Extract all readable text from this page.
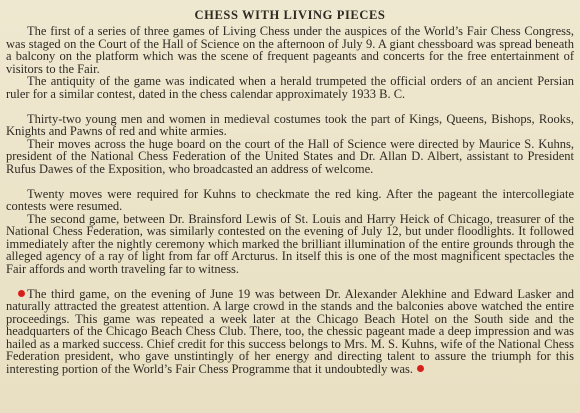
CHESS WITH LIVING PIECES

The first of a series of three games of Living Chess under the auspices of the World’s Fair Chess Congress, was staged on the Court of the Hall of Science on the afternoon of July 9. A giant chessboard was spread beneath a balcony on the platform which was the scene of frequent pageants and concerts for the free entertainment of visitors to the Fair.

The antiquity of the game was indicated when a herald trumpeted the official orders of an ancient Persian ruler for a similar contest, dated in the chess calendar approximately 1933 B. C.

Thirty-two young men and women in medieval costumes took the part of Kings, Queens, Bishops, Rooks, Knights and Pawns of red and white armies.

Their moves across the huge board on the court of the Hall of Science were directed by Maurice S. Kuhns, president of the National Chess Federation of the United States and Dr. Allan D. Albert, assistant to President Rufus Dawes of the Exposition, who broadcasted an address of welcome.

Twenty moves were required for Kuhns to checkmate the red king. After the pageant the intercollegiate contests were resumed.

The second game, between Dr. Brainsford Lewis of St. Louis and Harry Heick of Chicago, treasurer of the National Chess Federation, was similarly contested on the evening of July 12, but under floodlights. It followed immediately after the nightly ceremony which marked the brilliant illumination of the entire grounds through the alleged agency of a ray of light from far off Arcturus. In itself this is one of the most magnificent spectacles the Fair affords and worth traveling far to witness.

The third game, on the evening of June 19 was between Dr. Alexander Alekhine and Edward Lasker and naturally attracted the greatest attention. A large crowd in the stands and the balconies above watched the entire proceedings. This game was repeated a week later at the Chicago Beach Hotel on the South side and the headquarters of the Chicago Beach Chess Club. There, too, the chessic pageant made a deep impression and was hailed as a marked success. Chief credit for this success belongs to Mrs. M. S. Kuhns, wife of the National Chess Federation president, who gave unstintingly of her energy and directing talent to assure the triumph for this interesting portion of the World’s Fair Chess Programme that it undoubtedly was.
